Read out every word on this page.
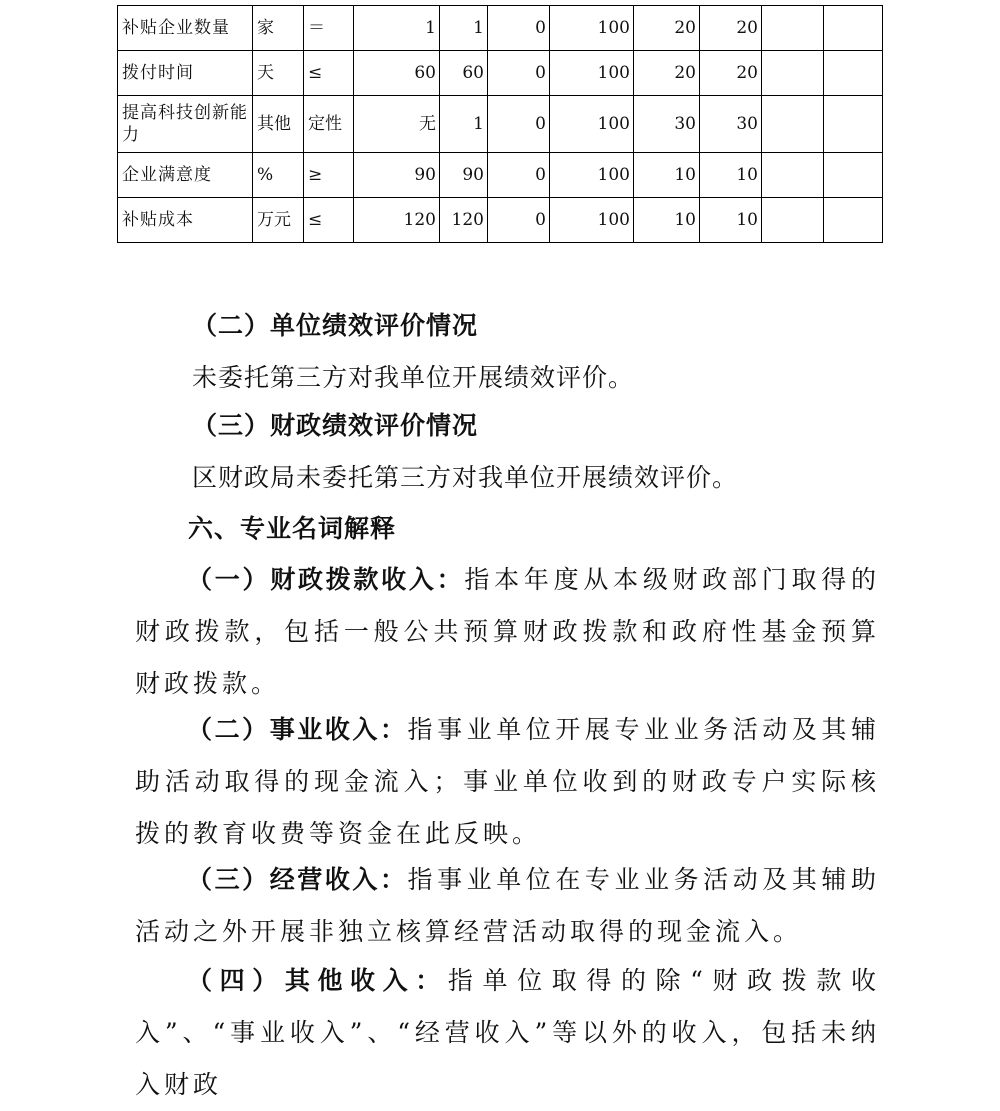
补贴企业数量	家	＝	1	1	0	100	20	20		
拨付时间	天	≤	60	60	0	100	20	20		
提高科技创新能力	其他	定性	无	1	0	100	30	30		
企业满意度	%	≥	90	90	0	100	10	10		
补贴成本	万元	≤	120	120	0	100	10	10		
（二）单位绩效评价情况
未委托第三方对我单位开展绩效评价。
（三）财政绩效评价情况
区财政局未委托第三方对我单位开展绩效评价。
六、专业名词解释
（一）财政拨款收入：指本年度从本级财政部门取得的财政拨款，包括一般公共预算财政拨款和政府性基金预算财政拨款。
（二）事业收入：指事业单位开展专业业务活动及其辅助活动取得的现金流入；事业单位收到的财政专户实际核拨的教育收费等资金在此反映。
（三）经营收入：指事业单位在专业业务活动及其辅助活动之外开展非独立核算经营活动取得的现金流入。
（四）其他收入：指单位取得的除“财政拨款收入”、“事业收入”、“经营收入”等以外的收入，包括未纳入财政
